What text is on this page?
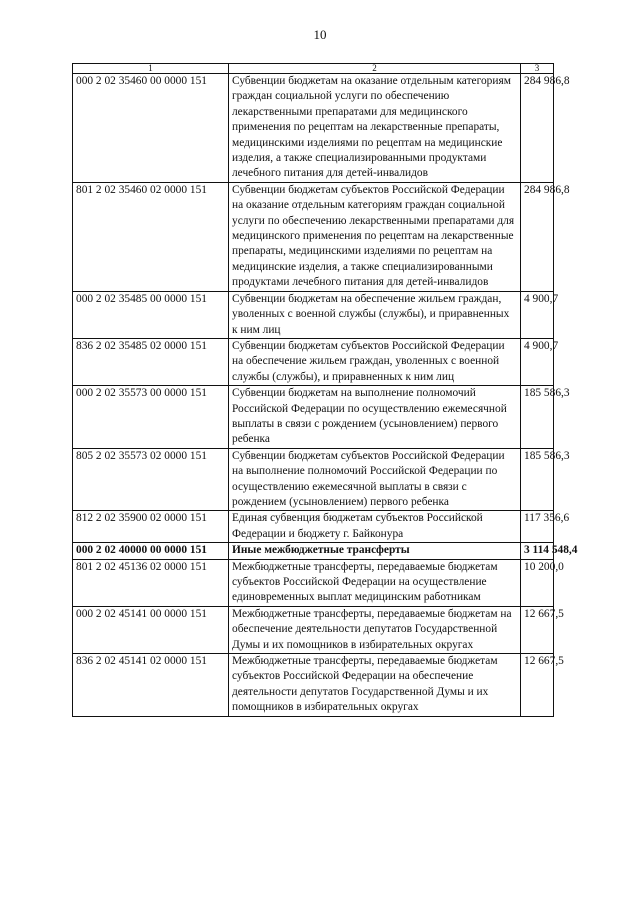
10
1	2	3
000 2 02 35460 00 0000 151	Субвенции бюджетам на оказание отдельным категориям граждан социальной услуги по обеспечению лекарственными препаратами для медицинского применения по рецептам на лекарственные препараты, медицинскими изделиями по рецептам на медицинские изделия, а также специализированными продуктами лечебного питания для детей-инвалидов	284 986,8
801 2 02 35460 02 0000 151	Субвенции бюджетам субъектов Российской Федерации на оказание отдельным категориям граждан социальной услуги по обеспечению лекарственными препаратами для медицинского применения по рецептам на лекарственные препараты, медицинскими изделиями по рецептам на медицинские изделия, а также специализированными продуктами лечебного питания для детей-инвалидов	284 986,8
000 2 02 35485 00 0000 151	Субвенции бюджетам на обеспечение жильем граждан, уволенных с военной службы (службы), и приравненных к ним лиц	4 900,7
836 2 02 35485 02 0000 151	Субвенции бюджетам субъектов Российской Федерации на обеспечение жильем граждан, уволенных с военной службы (службы), и приравненных к ним лиц	4 900,7
000 2 02 35573 00 0000 151	Субвенции бюджетам на выполнение полномочий Российской Федерации по осуществлению ежемесячной выплаты в связи с рождением (усыновлением) первого ребенка	185 586,3
805 2 02 35573 02 0000 151	Субвенции бюджетам субъектов Российской Федерации на выполнение полномочий Российской Федерации по осуществлению ежемесячной выплаты в связи с рождением (усыновлением) первого ребенка	185 586,3
812 2 02 35900 02 0000 151	Единая субвенция бюджетам субъектов Российской Федерации и бюджету г. Байконура	117 356,6
000 2 02 40000 00 0000 151	Иные межбюджетные трансферты	3 114 548,4
801 2 02 45136 02 0000 151	Межбюджетные трансферты, передаваемые бюджетам субъектов Российской Федерации на осуществление единовременных выплат медицинским работникам	10 200,0
000 2 02 45141 00 0000 151	Межбюджетные трансферты, передаваемые бюджетам на обеспечение деятельности депутатов Государственной Думы и их помощников в избирательных округах	12 667,5
836 2 02 45141 02 0000 151	Межбюджетные трансферты, передаваемые бюджетам субъектов Российской Федерации на обеспечение деятельности депутатов Государственной Думы и их помощников в избирательных округах	12 667,5
